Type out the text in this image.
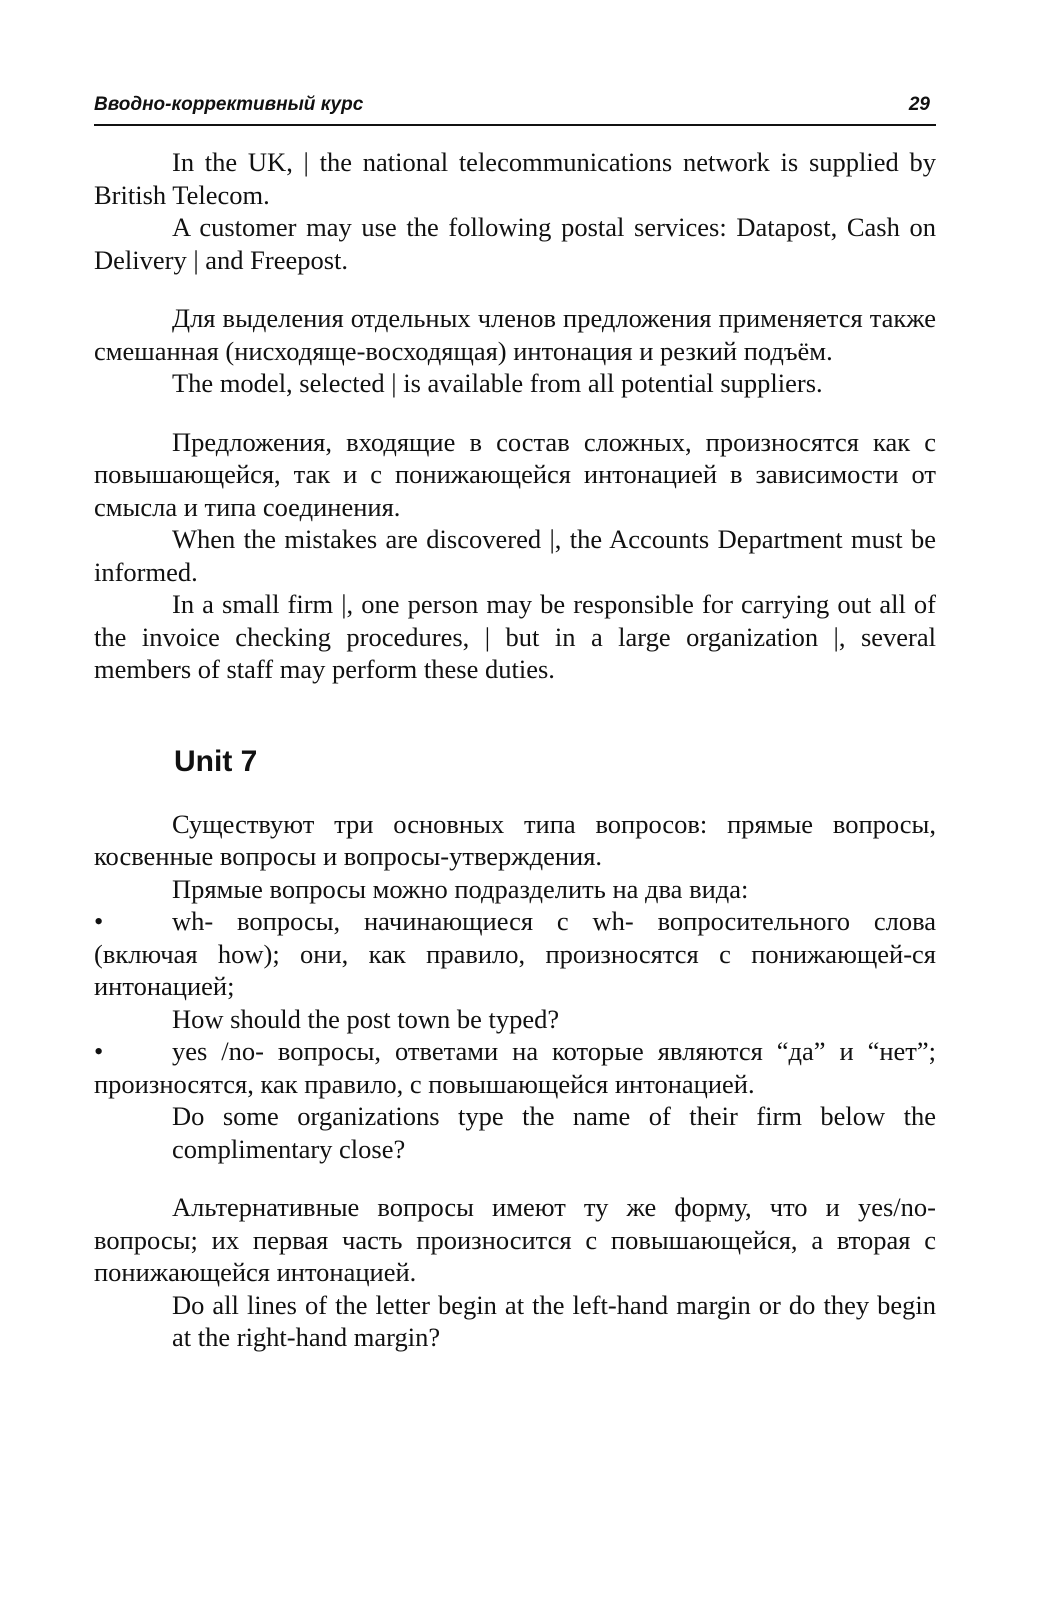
Вводно-коррективный курс	29

In the UK, | the national telecommunications network is supplied by British Telecom.

A customer may use the following postal services: Datapost, Cash on Delivery | and Freepost.

Для выделения отдельных членов предложения применяется также смешанная (нисходяще-восходящая) интонация и резкий подъём.

The model, selected | is available from all potential suppliers.

Предложения, входящие в состав сложных, произносятся как с повышающейся, так и с понижающейся интонацией в зависимости от смысла и типа соединения.

When the mistakes are discovered |, the Accounts Department must be informed.

In a small firm |, one person may be responsible for carrying out all of the invoice checking procedures, | but in a large organization |, several members of staff may perform these duties.

Unit 7

Существуют три основных типа вопросов: прямые вопросы, косвенные вопросы и вопросы-утверждения.

Прямые вопросы можно подразделить на два вида:

•	wh- вопросы, начинающиеся с wh- вопросительного слова (включая how); они, как правило, произносятся с понижающей-ся интонацией;

How should the post town be typed?

•	yes /no- вопросы, ответами на которые являются “да” и “нет”; произносятся, как правило, с повышающейся интонацией.

Do some organizations type the name of their firm below the complimentary close?

Альтернативные вопросы имеют ту же форму, что и yes/no-вопросы; их первая часть произносится с повышающейся, а вторая с понижающейся интонацией.

Do all lines of the letter begin at the left-hand margin or do they begin at the right-hand margin?
